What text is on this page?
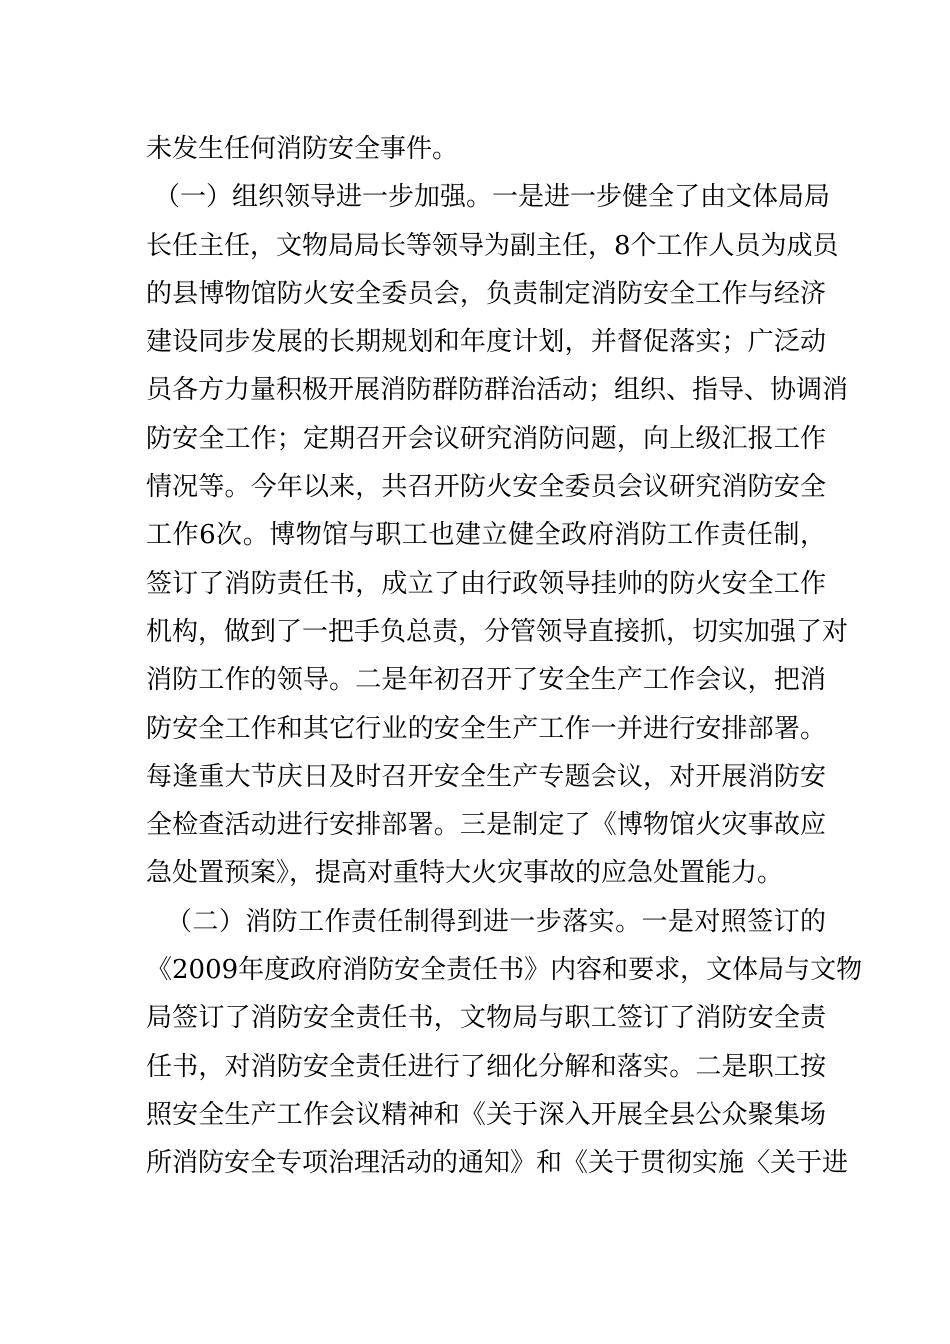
未发生任何消防安全事件。
（一）组织领导进一步加强。一是进一步健全了由文体局局
长任主任，文物局局长等领导为副主任，8个工作人员为成员
的县博物馆防火安全委员会，负责制定消防安全工作与经济
建设同步发展的长期规划和年度计划，并督促落实；广泛动
员各方力量积极开展消防群防群治活动；组织、指导、协调消
防安全工作；定期召开会议研究消防问题，向上级汇报工作
情况等。今年以来，共召开防火安全委员会议研究消防安全
工作6次。博物馆与职工也建立健全政府消防工作责任制，
签订了消防责任书，成立了由行政领导挂帅的防火安全工作
机构，做到了一把手负总责，分管领导直接抓，切实加强了对
消防工作的领导。二是年初召开了安全生产工作会议，把消
防安全工作和其它行业的安全生产工作一并进行安排部署。
每逢重大节庆日及时召开安全生产专题会议，对开展消防安
全检查活动进行安排部署。三是制定了《博物馆火灾事故应
急处置预案》，提高对重特大火灾事故的应急处置能力。
（二）消防工作责任制得到进一步落实。一是对照签订的
《2009年度政府消防安全责任书》内容和要求，文体局与文物
局签订了消防安全责任书，文物局与职工签订了消防安全责
任书，对消防安全责任进行了细化分解和落实。二是职工按
照安全生产工作会议精神和《关于深入开展全县公众聚集场
所消防安全专项治理活动的通知》和《关于贯彻实施〈关于进
